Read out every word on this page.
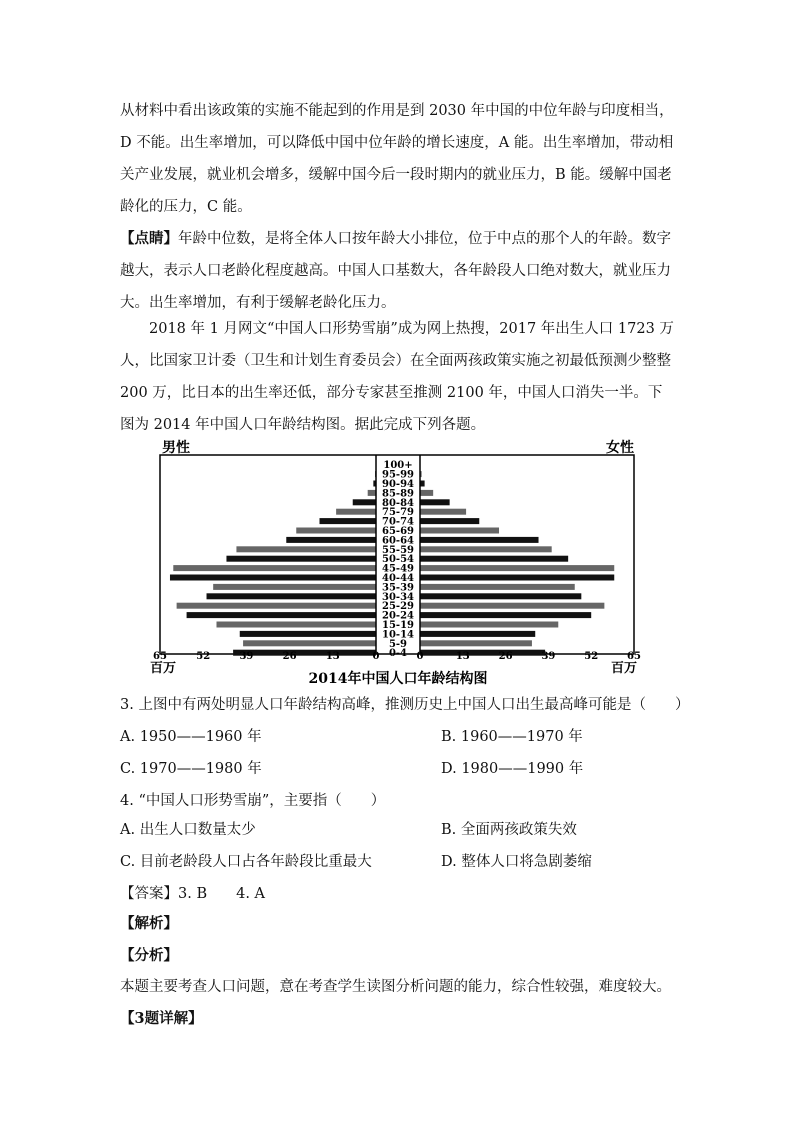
从材料中看出该政策的实施不能起到的作用是到 2030 年中国的中位年龄与印度相当，D 不能。出生率增加，可以降低中国中位年龄的增长速度，A 能。出生率增加，带动相关产业发展，就业机会增多，缓解中国今后一段时期内的就业压力，B 能。缓解中国老龄化的压力，C 能。
【点睛】年龄中位数，是将全体人口按年龄大小排位，位于中点的那个人的年龄。数字越大，表示人口老龄化程度越高。中国人口基数大，各年龄段人口绝对数大，就业压力大。出生率增加，有利于缓解老龄化压力。
2018 年 1 月网文“中国人口形势雪崩”成为网上热搜，2017 年出生人口 1723 万人，比国家卫计委（卫生和计划生育委员会）在全面两孩政策实施之初最低预测少整整 200 万，比日本的出生率还低，部分专家甚至推测 2100 年，中国人口消失一半。下图为 2014 年中国人口年龄结构图。据此完成下列各题。
男性	女性
100+
95-99
90-94
85-89
80-84
75-79
70-74
65-69
60-64
55-59
50-54
45-49
40-44
35-39
30-34
25-29
20-24
15-19
10-14
5-9
0-4
65	52	39	26	13	0	0	13	26	39	52	65
百万	百万
2014年中国人口年龄结构图
3. 上图中有两处明显人口年龄结构高峰，推测历史上中国人口出生最高峰可能是（　　）
A. 1950——1960 年	B. 1960——1970 年
C. 1970——1980 年	D. 1980——1990 年
4. “中国人口形势雪崩”，主要指（　　）
A. 出生人口数量太少	B. 全面两孩政策失效
C. 目前老龄段人口占各年龄段比重最大	D. 整体人口将急剧萎缩
【答案】3. B　　4. A
【解析】
【分析】
本题主要考查人口问题，意在考查学生读图分析问题的能力，综合性较强，难度较大。
【3题详解】
